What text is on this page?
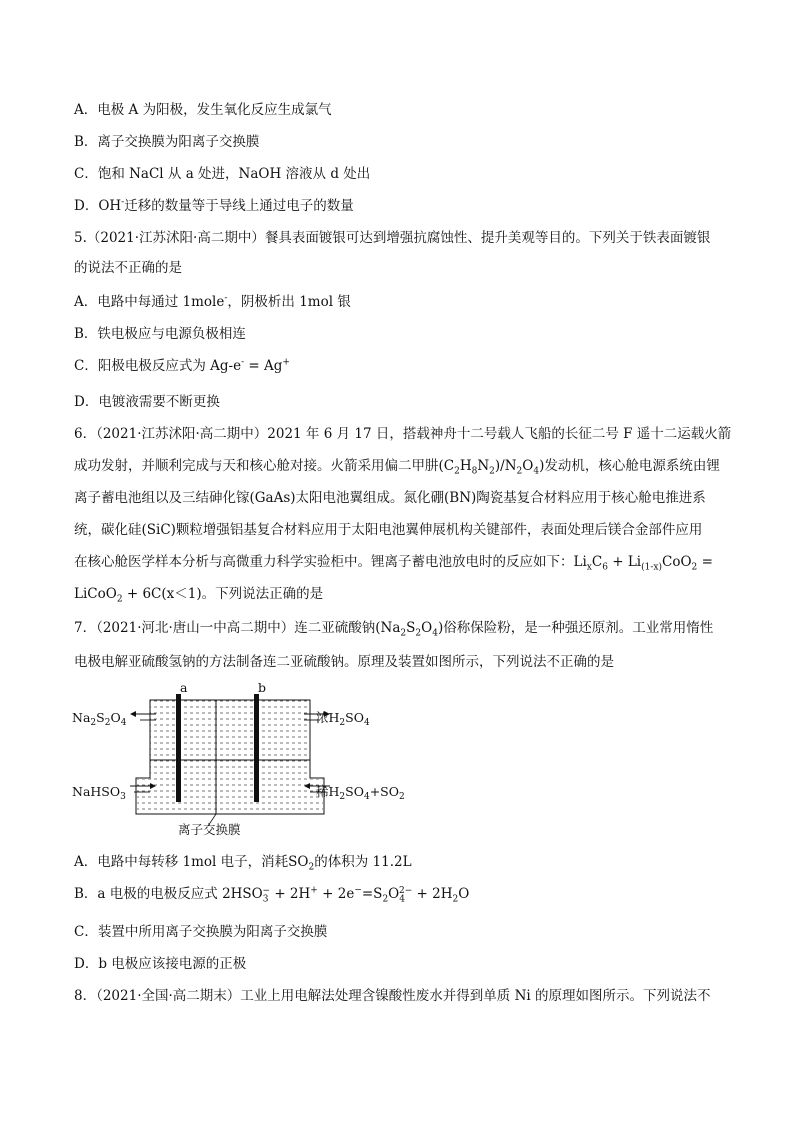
A．电极 A 为阳极，发生氧化反应生成氯气
B．离子交换膜为阳离子交换膜
C．饱和 NaCl 从 a 处进，NaOH 溶液从 d 处出
D．OH-迁移的数量等于导线上通过电子的数量
5.（2021·江苏沭阳·高二期中）餐具表面镀银可达到增强抗腐蚀性、提升美观等目的。下列关于铁表面镀银
的说法不正确的是
A．电路中每通过 1mole-，阴极析出 1mol 银
B．铁电极应与电源负极相连
C．阳极电极反应式为 Ag-e- = Ag+
D．电镀液需要不断更换
6．（2021·江苏沭阳·高二期中）2021 年 6 月 17 日，搭载神舟十二号载人飞船的长征二号 F 遥十二运载火箭
成功发射，并顺利完成与天和核心舱对接。火箭采用偏二甲肼$(C_2H_8N_2)/N_2O_4$)发动机，核心舱电源系统由锂
离子蓄电池组以及三结砷化镓(GaAs)太阳电池翼组成。氮化硼(BN)陶瓷基复合材料应用于核心舱电推进系
统，碳化硅(SiC)颗粒增强铝基复合材料应用于太阳电池翼伸展机构关键部件，表面处理后镁合金部件应用
在核心舱医学样本分析与高微重力科学实验柜中。锂离子蓄电池放电时的反应如下：$Li_xC_6 + Li_{(1-x)}CoO_2$ =
LiCoO$_2$ + 6C(x＜1)。下列说法正确的是
7．（2021·河北·唐山一中高二期中）连二亚硫酸钠$(Na_2S_2O_4)$俗称保险粉，是一种强还原剂。工业常用惰性
电极电解亚硫酸氢钠的方法制备连二亚硫酸钠。原理及装置如图所示，下列说法不正确的是
a	b
$Na_2S_2O_4$
NaHSO$_3$
浓$H_2SO_4$
稀$H_2SO_4+SO_2$
离子交换膜
A．电路中每转移 1mol 电子，消耗$SO_2$的体积为 11.2L
B．a 电极的电极反应式 $2HSO_3^- + 2H^+ + 2e^-=S_2O_4^{2-} + 2H_2O$
C．装置中所用离子交换膜为阳离子交换膜
D．b 电极应该接电源的正极
8．（2021·全国·高二期末）工业上用电解法处理含镍酸性废水并得到单质 Ni 的原理如图所示。下列说法不
